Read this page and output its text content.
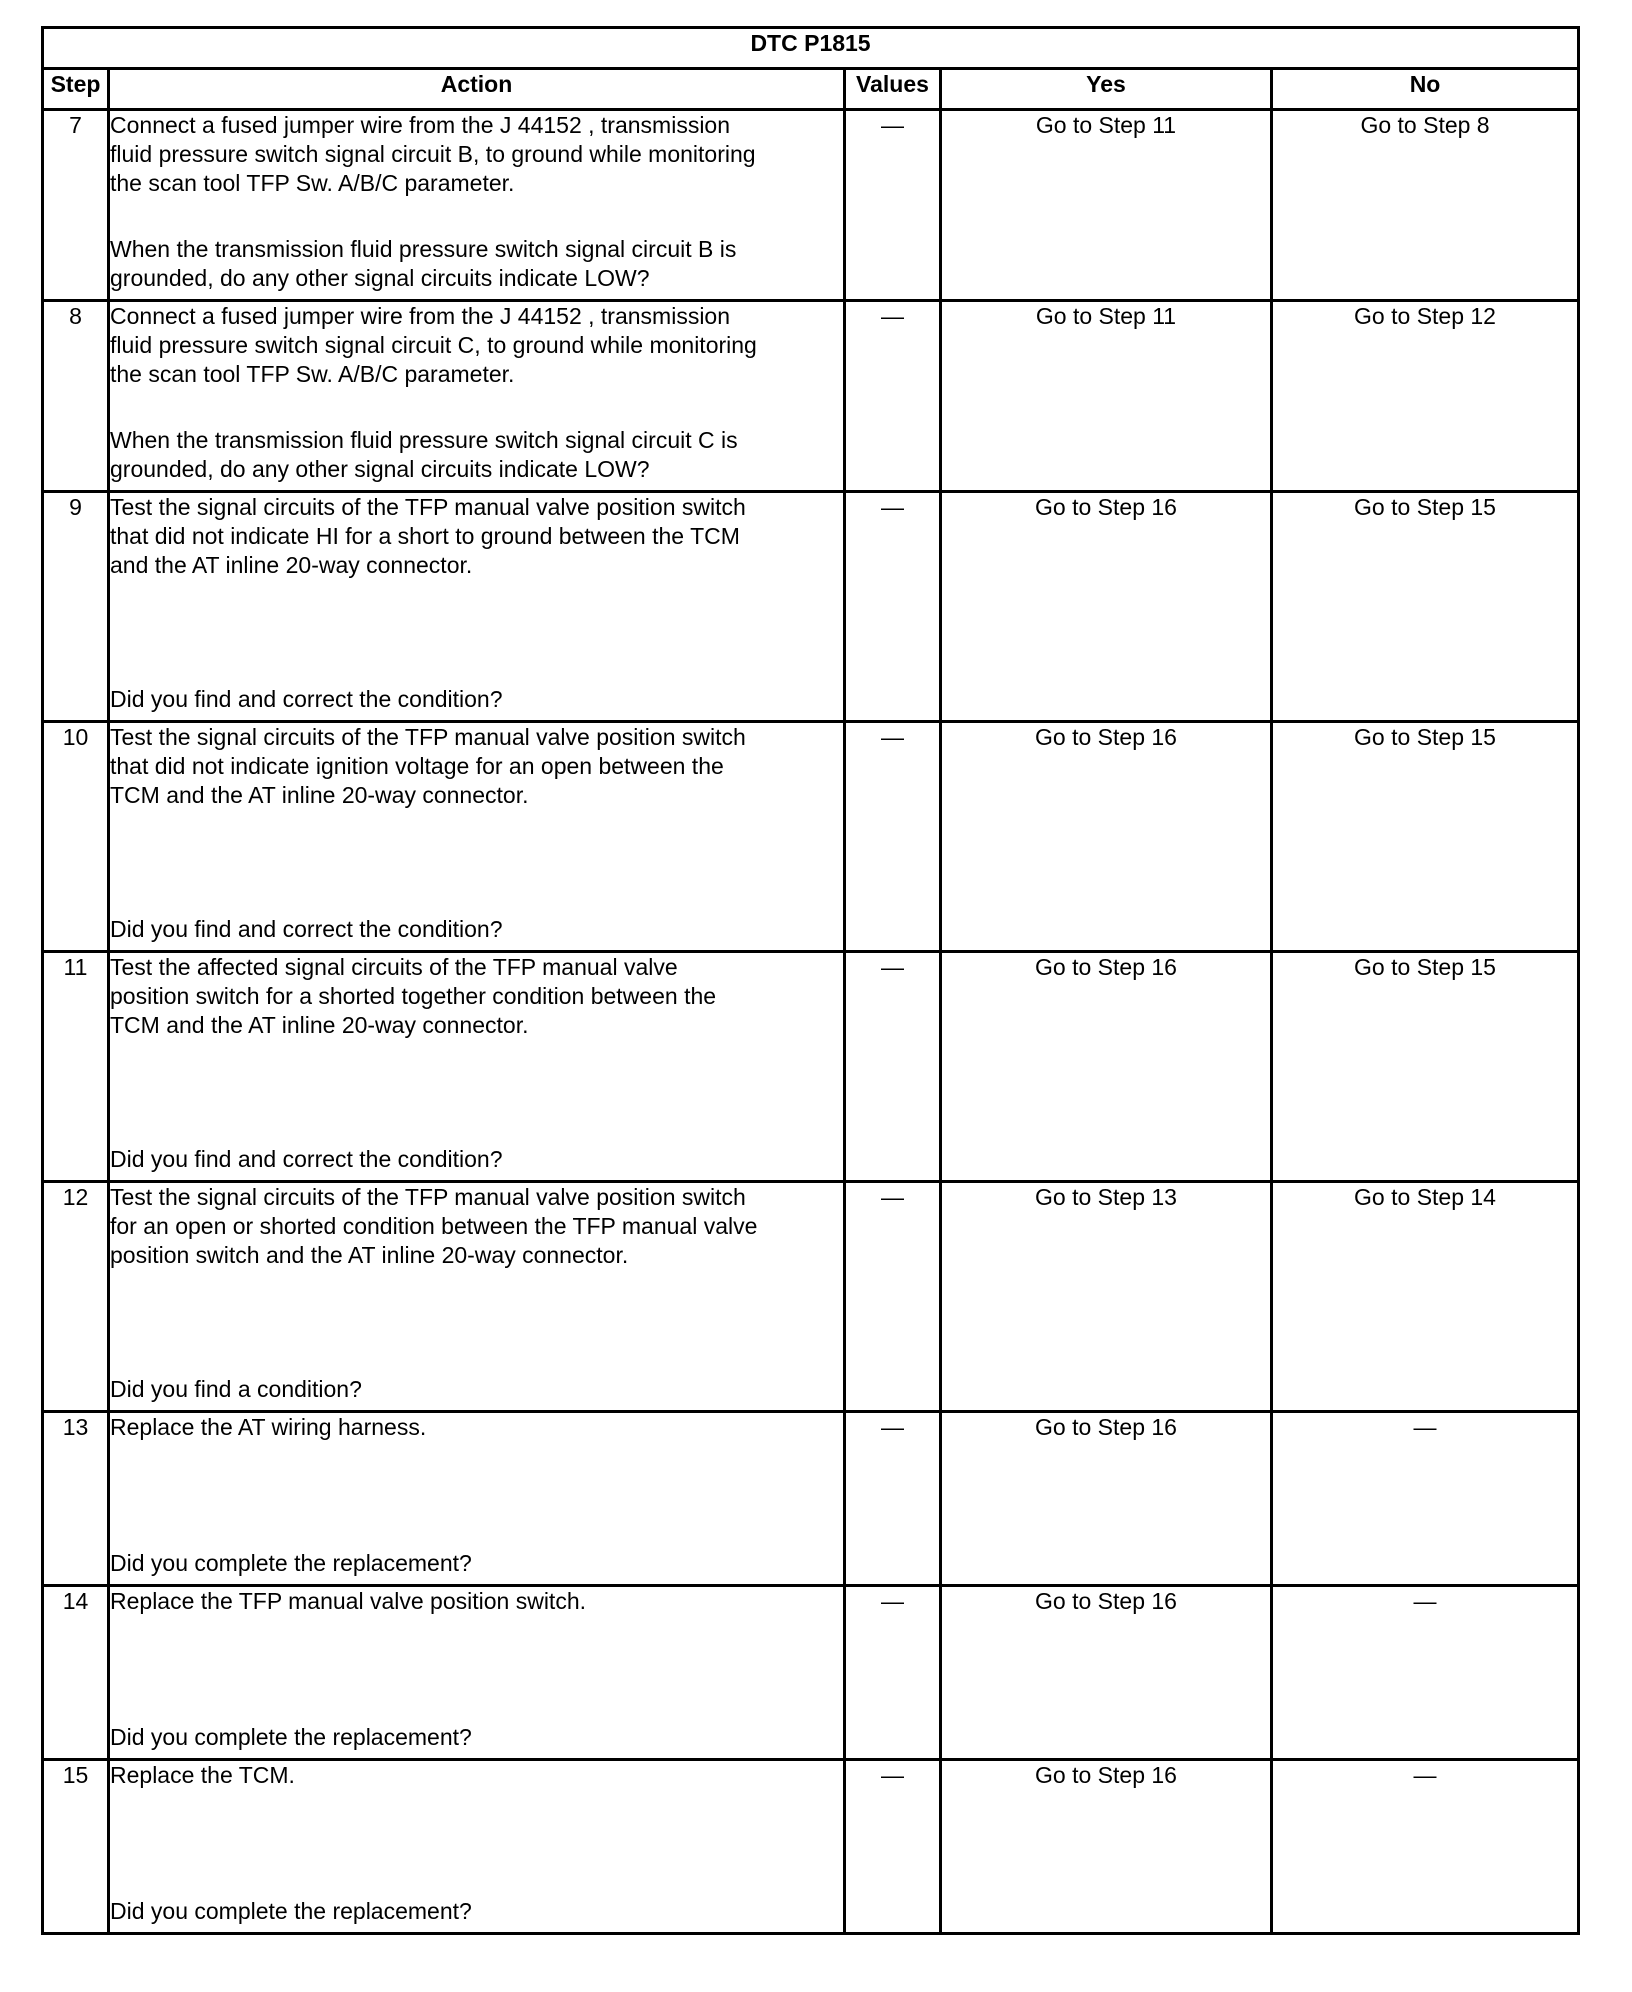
DTC P1815				
Step	Action	Values	Yes	No
7	Connect a fused jumper wire from the J 44152 , transmission
fluid pressure switch signal circuit B, to ground while monitoring
the scan tool TFP Sw. A/B/C parameter.
When the transmission fluid pressure switch signal circuit B is
grounded, do any other signal circuits indicate LOW?	—	Go to Step 11	Go to Step 8
8	Connect a fused jumper wire from the J 44152 , transmission
fluid pressure switch signal circuit C, to ground while monitoring
the scan tool TFP Sw. A/B/C parameter.
When the transmission fluid pressure switch signal circuit C is
grounded, do any other signal circuits indicate LOW?	—	Go to Step 11	Go to Step 12
9	Test the signal circuits of the TFP manual valve position switch
that did not indicate HI for a short to ground between the TCM
and the AT inline 20-way connector.
Did you find and correct the condition?	—	Go to Step 16	Go to Step 15
10	Test the signal circuits of the TFP manual valve position switch
that did not indicate ignition voltage for an open between the
TCM and the AT inline 20-way connector.
Did you find and correct the condition?	—	Go to Step 16	Go to Step 15
11	Test the affected signal circuits of the TFP manual valve
position switch for a shorted together condition between the
TCM and the AT inline 20-way connector.
Did you find and correct the condition?	—	Go to Step 16	Go to Step 15
12	Test the signal circuits of the TFP manual valve position switch
for an open or shorted condition between the TFP manual valve
position switch and the AT inline 20-way connector.
Did you find a condition?	—	Go to Step 13	Go to Step 14
13	Replace the AT wiring harness.
Did you complete the replacement?	—	Go to Step 16	—
14	Replace the TFP manual valve position switch.
Did you complete the replacement?	—	Go to Step 16	—
15	Replace the TCM.
Did you complete the replacement?	—	Go to Step 16	—
